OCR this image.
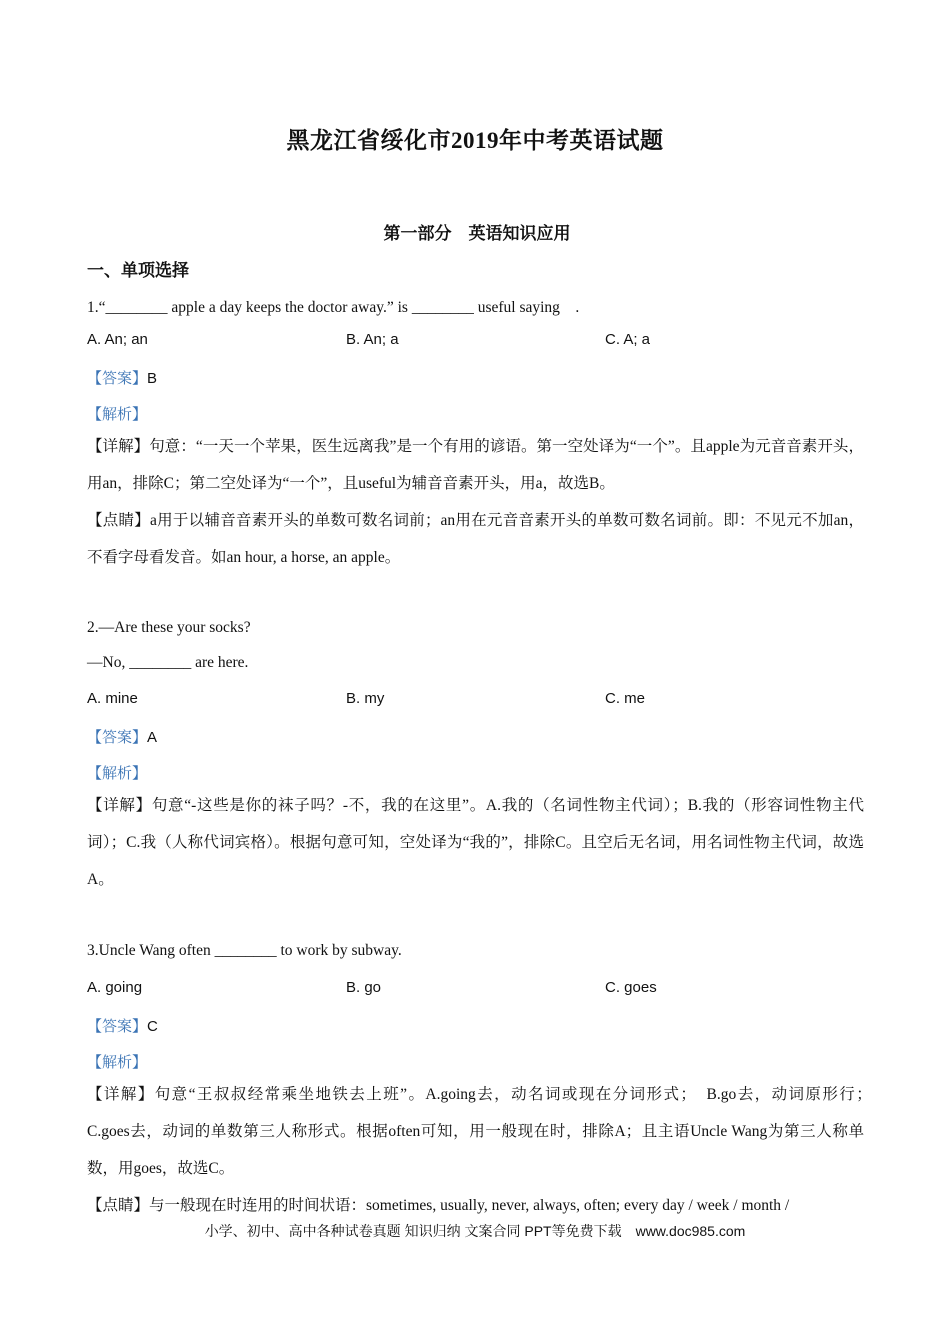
黑龙江省绥化市2019年中考英语试题
第一部分　英语知识应用
一、单项选择
1.“________ apple a day keeps the doctor away.” is ________ useful saying　.
A. An; an	B. An; a	C. A; a
【答案】B
【解析】
【详解】句意：“一天一个苹果，医生远离我”是一个有用的谚语。第一空处译为“一个”。且apple为元音音素开头，用an，排除C；第二空处译为“一个”，且useful为辅音音素开头，用a，故选B。
【点睛】a用于以辅音音素开头的单数可数名词前；an用在元音音素开头的单数可数名词前。即：不见元不加an，不看字母看发音。如an hour, a horse, an apple。
2.—Are these your socks?
—No, ________ are here.
A. mine	B. my	C. me
【答案】A
【解析】
【详解】句意“-这些是你的袜子吗？-不，我的在这里”。A.我的（名词性物主代词）；B.我的（形容词性物主代词）；C.我（人称代词宾格）。根据句意可知，空处译为“我的”，排除C。且空后无名词，用名词性物主代词，故选A。
3.Uncle Wang often ________ to work by subway.
A. going	B. go	C. goes
【答案】C
【解析】
【详解】句意“王叔叔经常乘坐地铁去上班”。A.going去，动名词或现在分词形式；　B.go去，动词原形行；　　C.goes去，动词的单数第三人称形式。根据often可知，用一般现在时，排除A；且主语Uncle Wang为第三人称单数，用goes，故选C。
【点睛】与一般现在时连用的时间状语：sometimes, usually, never, always, often; every day / week / month /
小学、初中、高中各种试卷真题 知识归纳 文案合同 PPT等免费下载　www.doc985.com
